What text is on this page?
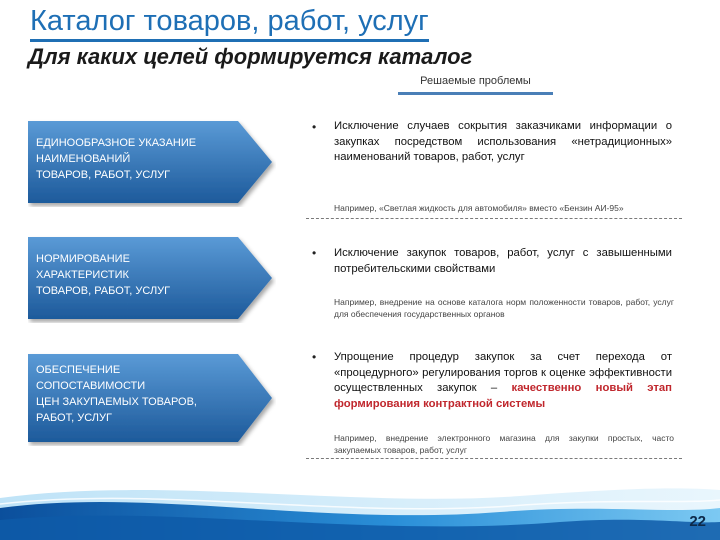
Каталог товаров, работ, услуг
Для каких целей формируется каталог
Решаемые проблемы
ЕДИНООБРАЗНОЕ УКАЗАНИЕ
НАИМЕНОВАНИЙ
ТОВАРОВ, РАБОТ, УСЛУГ
• Исключение случаев сокрытия заказчиками информации о закупках посредством использования «нетрадиционных» наименований товаров, работ, услуг
Например, «Светлая жидкость для автомобиля» вместо «Бензин АИ-95»
НОРМИРОВАНИЕ
ХАРАКТЕРИСТИК
ТОВАРОВ, РАБОТ, УСЛУГ
• Исключение закупок товаров, работ, услуг с завышенными потребительскими свойствами
Например, внедрение на основе каталога норм положенности товаров, работ, услуг для обеспечения государственных органов
ОБЕСПЕЧЕНИЕ
СОПОСТАВИМОСТИ
ЦЕН ЗАКУПАЕМЫХ ТОВАРОВ,
РАБОТ, УСЛУГ
• Упрощение процедур закупок за счет перехода от «процедурного» регулирования торгов к оценке эффективности осуществленных закупок – качественно новый этап формирования контрактной системы
Например, внедрение электронного магазина для закупки простых, часто закупаемых товаров, работ, услуг
22
